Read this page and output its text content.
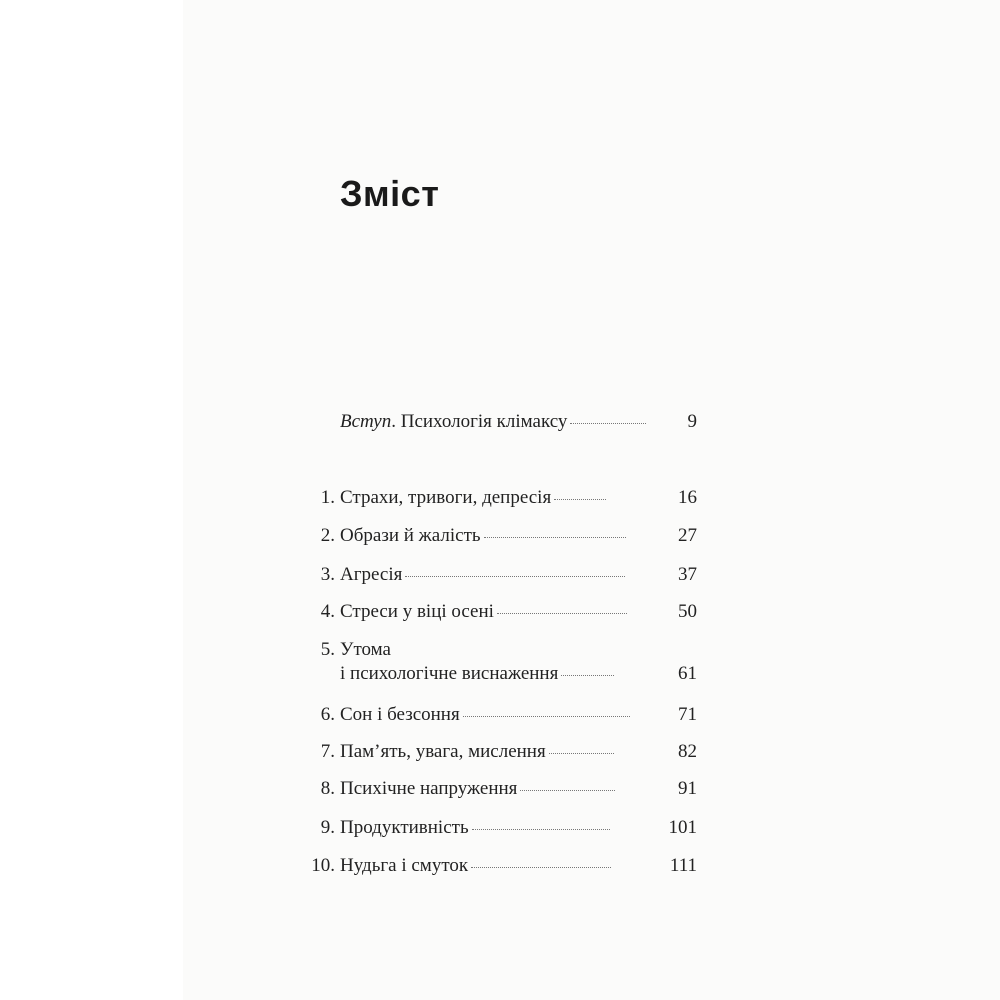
Зміст
Вступ. Психологія клімаксу	9
1. Страхи, тривоги, депресія	16
2. Образи й жалість	27
3. Агресія	37
4. Стреси у віці осені	50
5. Утома
і психологічне виснаження	61
6. Сон і безсоння	71
7. Пам’ять, увага, мислення	82
8. Психічне напруження	91
9. Продуктивність	101
10. Нудьга і смуток	111
